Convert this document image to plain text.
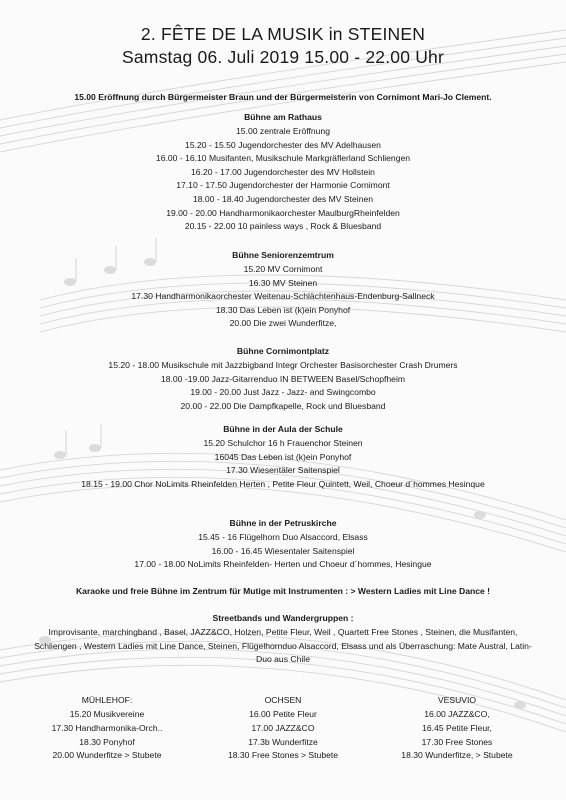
2. FÊTE DE LA MUSIK in STEINEN
Samstag 06. Juli 2019 15.00 - 22.00 Uhr
15.00 Eröffnung durch Bürgermeister Braun und der Bürgermeisterin von Cornimont Mari-Jo Clement.
Bühne am Rathaus
15.00 zentrale Eröffnung
15.20 - 15.50 Jugendorchester des MV Adelhausen
16.00 - 16.10 Musifanten, Musikschule Markgräflerland Schliengen
16.20 - 17.00 Jugendorchester des MV Hollstein
17.10 - 17.50 Jugendorchester der Harmonie Cornimont
18.00 - 18.40 Jugendorchester des MV Steinen
19.00 - 20.00 Handharmonikaorchester MaulburgRheinfelden
20.15 - 22.00 10 painless ways , Rock & Bluesband
Bühne Seniorenzemtrum
15.20 MV Cornimont
16.30 MV Steinen
17.30 Handharmonikaorchester Weitenau-Schlächtenhaus-Endenburg-Sallneck
18.30 Das Leben ist (k)ein Ponyhof
20.00 Die zwei Wunderfitze,
Bühne Cornimontplatz
15.20 - 18.00 Musikschule mit Jazzbigband Integr Orchester Basisorchester Crash Drumers
18.00 -19.00 Jazz-Gitarrenduo IN BETWEEN Basel/Schopfheim
19.00 - 20.00 Just Jazz - Jazz- and Swingcombo
20.00 - 22.00 Die Dampfkapelle, Rock und Bluesband
Bühne in der Aula der Schule
15.20 Schulchor 16 h Frauenchor Steinen
16045 Das Leben ist (k)ein Ponyhof
17.30 Wiesentäler Saitenspiel
18.15 - 19.00 Chor NoLimits Rheinfelden Herten , Petite Fleur Quintett, Weil, Choeur d´hommes Hesinque
Bühne in der Petruskirche
15.45 - 16 Flügelhorn Duo Alsaccord, Elsass
16.00 - 16.45 Wiesentaler Saitenspiel
17.00 - 18.00 NoLimits Rheinfelden- Herten und Choeur d´hommes, Hesingue
Karaoke und freie Bühne im Zentrum für Mutige mit Instrumenten : > Western Ladies mit Line Dance !
Streetbands und Wandergruppen :
Improvisante, marchingband , Basel, JAZZ&CO, Holzen, Petite Fleur, Weil , Quartett Free Stones , Steinen, die Musifanten, Schliengen , Western Ladies mit Line Dance, Steinen, Flügelhornduo Alsaccord, Elsass und als Überraschung: Mate Austral, Latin-Duo aus Chile
MÜHLEHOF:
15.20 Musikvereine
17.30 Handharmonika-Orch..
18.30 Ponyhof
20.00 Wunderfitze > Stubete
OCHSEN
16.00 Petite Fleur
17.00 JAZZ&CO
17.3b Wunderfitze
18.30 Free Stones > Stubete
VESUVIO
16.00 JAZZ&CO,
16.45 Petite Fleur,
17.30 Free Stones
18.30 Wunderfitze, > Stubete
